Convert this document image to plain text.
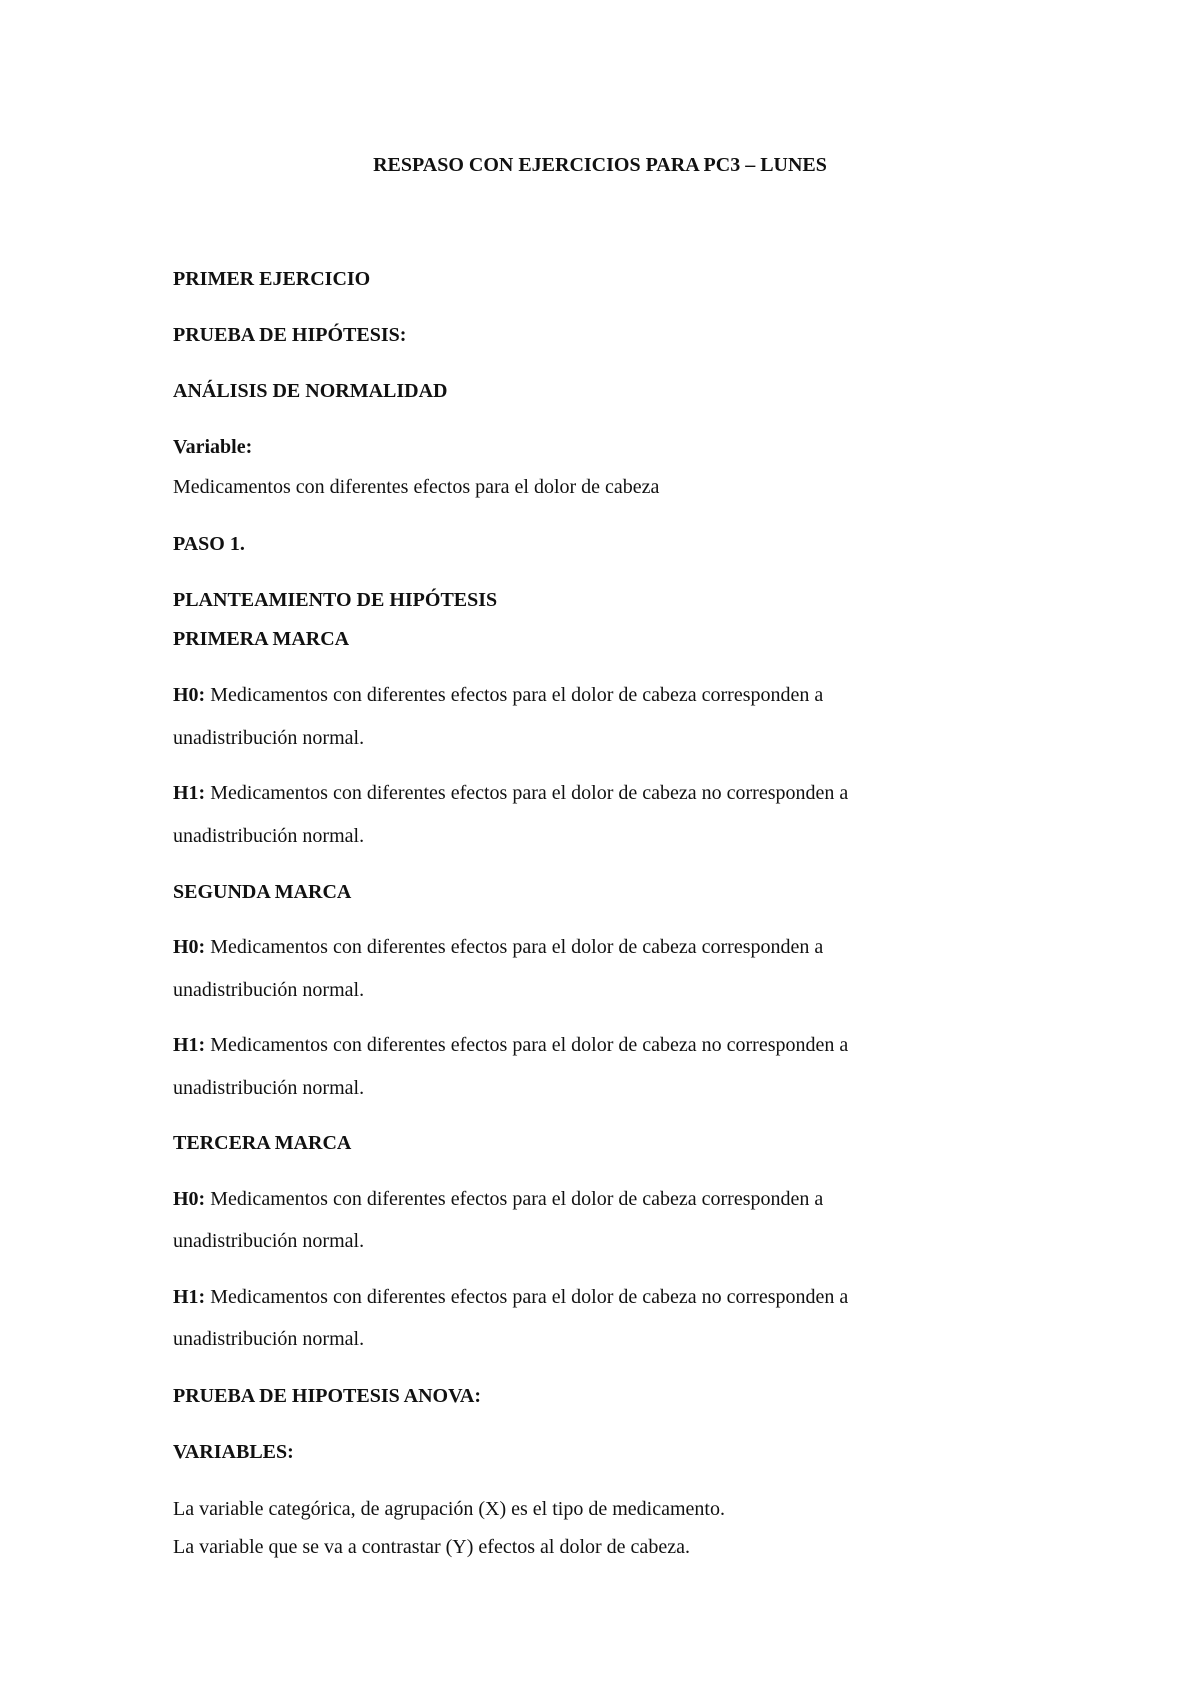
RESPASO CON EJERCICIOS PARA PC3 – LUNES
PRIMER EJERCICIO
PRUEBA DE HIPÓTESIS:
ANÁLISIS DE NORMALIDAD
Variable:
Medicamentos con diferentes efectos para el dolor de cabeza
PASO 1.
PLANTEAMIENTO DE HIPÓTESIS
PRIMERA MARCA
H0: Medicamentos con diferentes efectos para el dolor de cabeza corresponden a
unadistribución normal.
H1: Medicamentos con diferentes efectos para el dolor de cabeza no corresponden a
unadistribución normal.
SEGUNDA MARCA
H0: Medicamentos con diferentes efectos para el dolor de cabeza corresponden a
unadistribución normal.
H1: Medicamentos con diferentes efectos para el dolor de cabeza no corresponden a
unadistribución normal.
TERCERA MARCA
H0: Medicamentos con diferentes efectos para el dolor de cabeza corresponden a
unadistribución normal.
H1: Medicamentos con diferentes efectos para el dolor de cabeza no corresponden a
unadistribución normal.
PRUEBA DE HIPOTESIS ANOVA:
VARIABLES:
La variable categórica, de agrupación (X) es el tipo de medicamento.
La variable que se va a contrastar (Y) efectos al dolor de cabeza.
